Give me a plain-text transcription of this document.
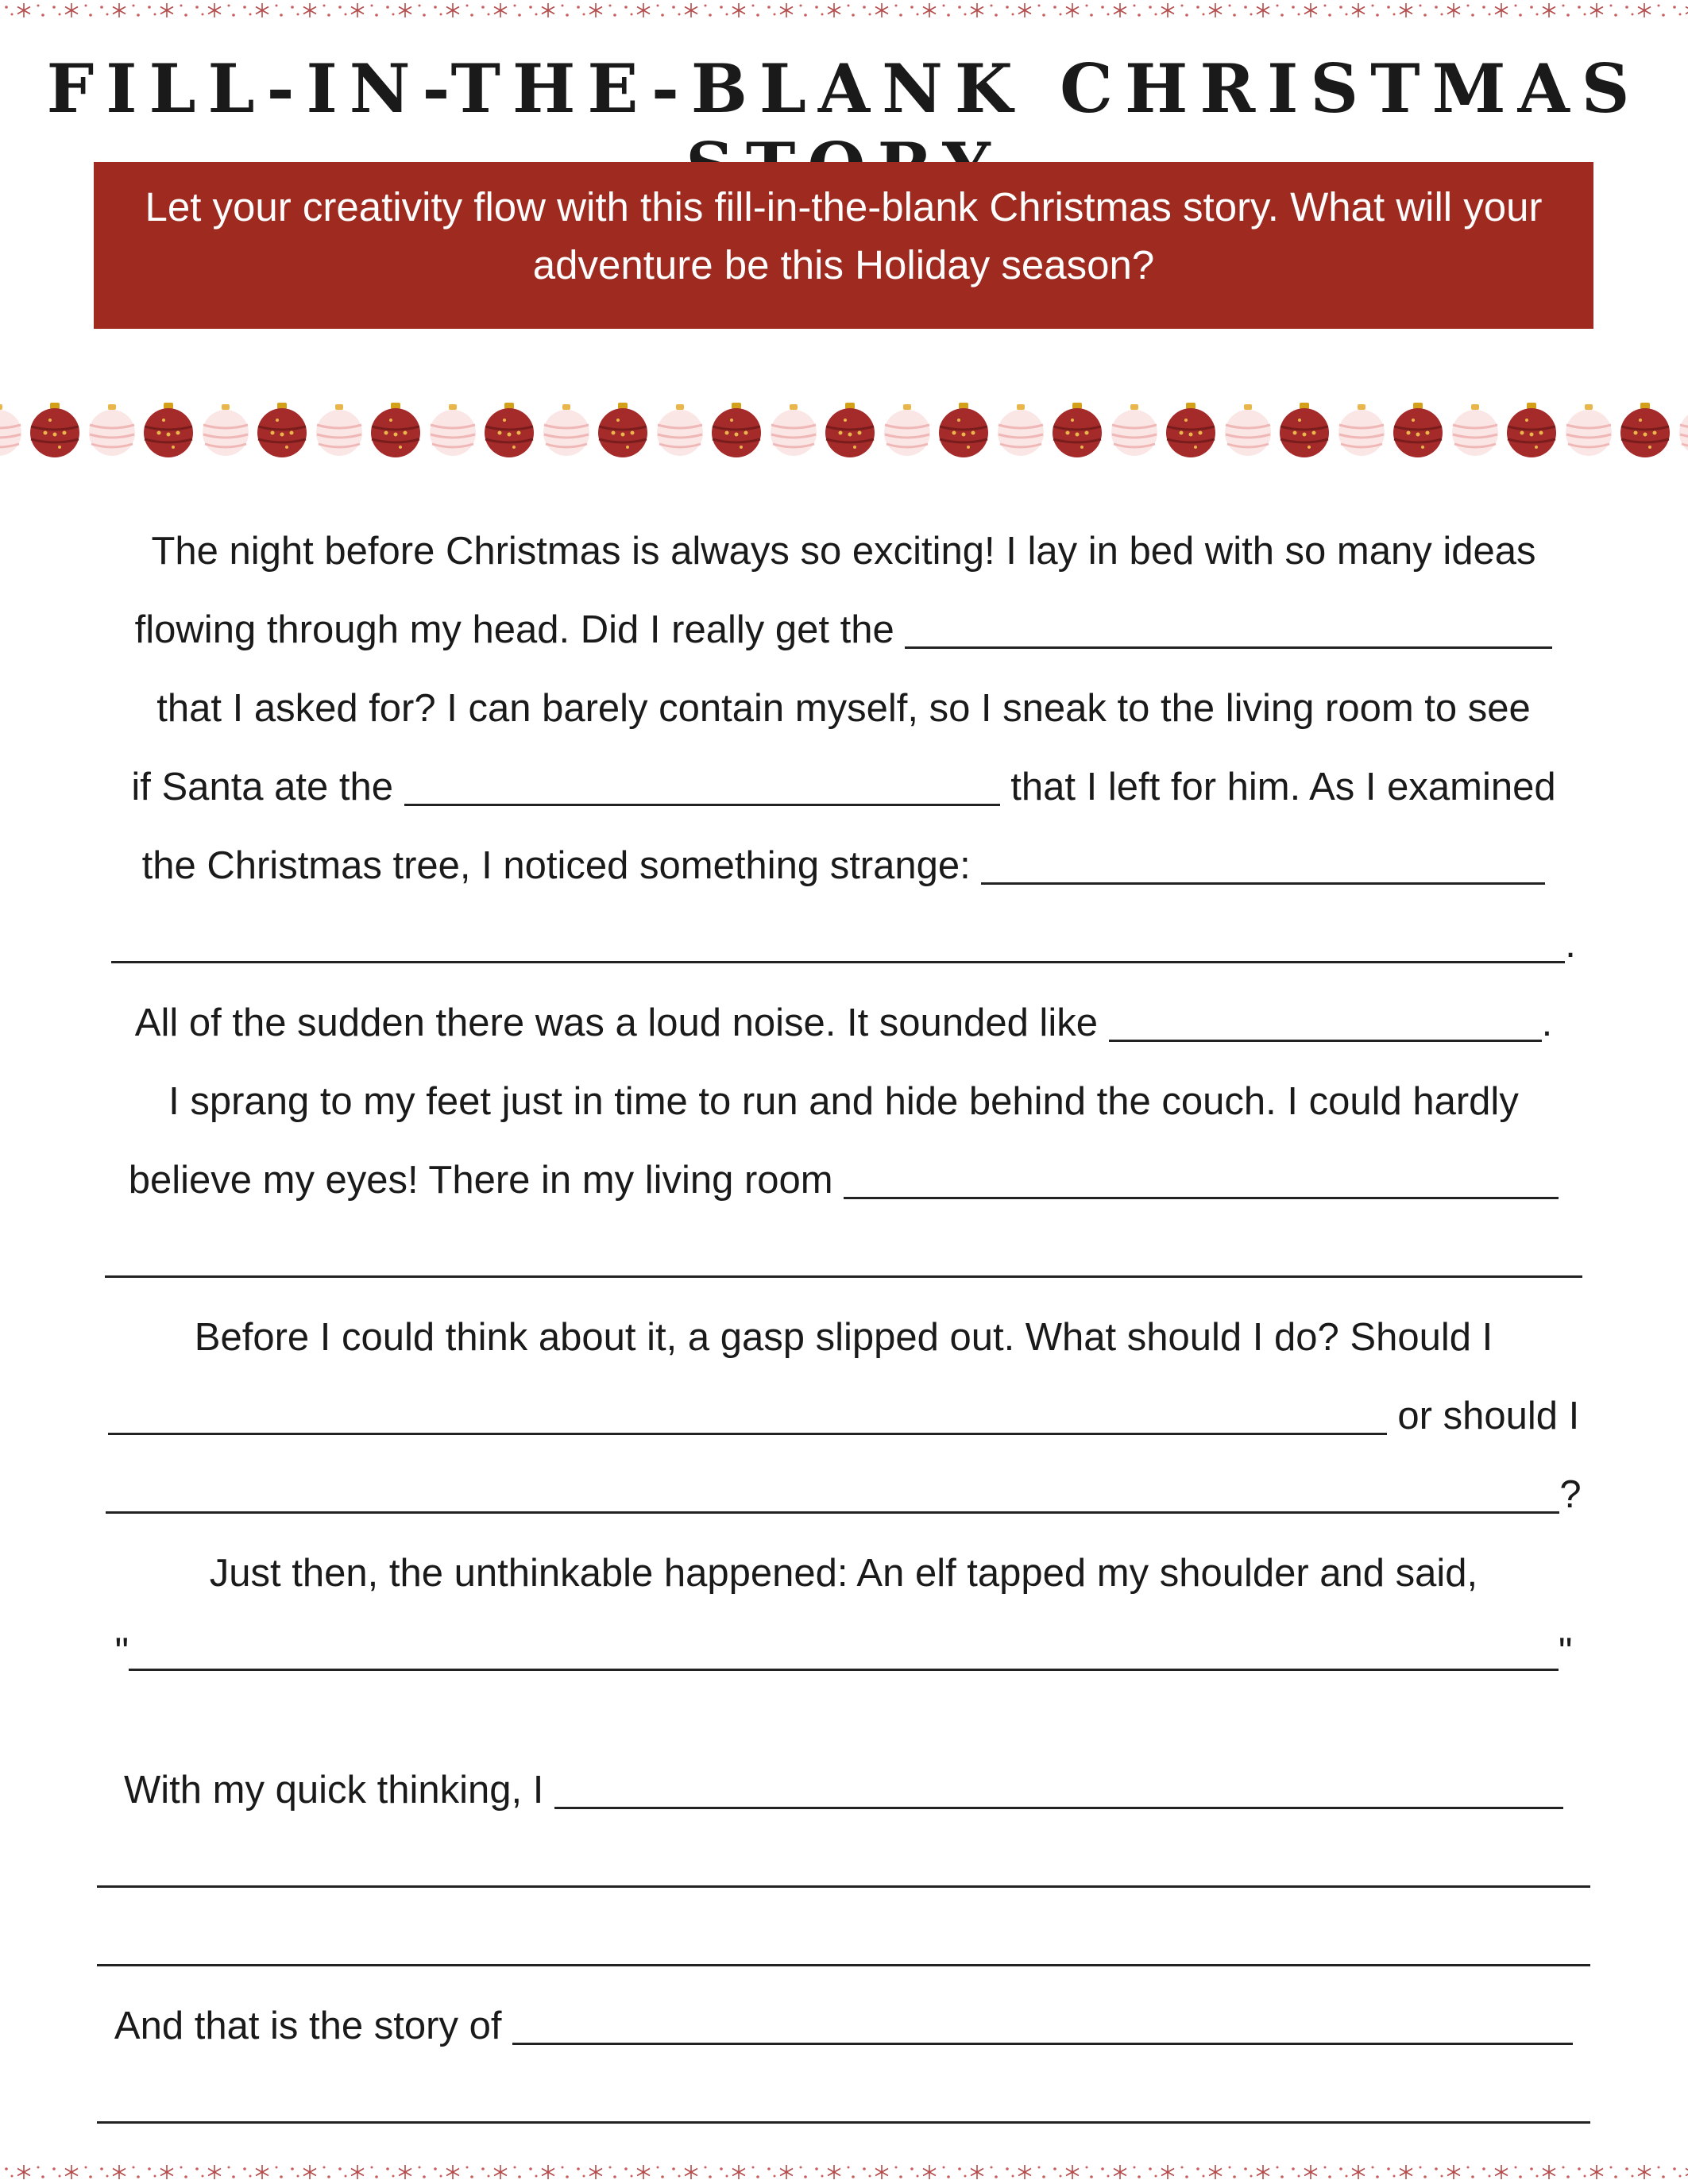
FILL-IN-THE-BLANK CHRISTMAS
Let your creativity flow with this fill-in-the-blank Christmas story. What will your adventure be this Holiday season?
The night before Christmas is always so exciting! I lay in bed with so many ideas
flowing through my head. Did I really get the
that I asked for? I can barely contain myself, so I sneak to the living room to see
if Santa ate the	that I left for him. As I examined
the Christmas tree, I noticed something strange:
.
All of the sudden there was a loud noise. It sounded like	.
I sprang to my feet just in time to run and hide behind the couch. I could hardly
believe my eyes! There in my living room
Before I could think about it, a gasp slipped out. What should I do? Should I
or should I
?
Just then, the unthinkable happened: An elf tapped my shoulder and said,
"	"
With my quick thinking, I
And that is the story of
